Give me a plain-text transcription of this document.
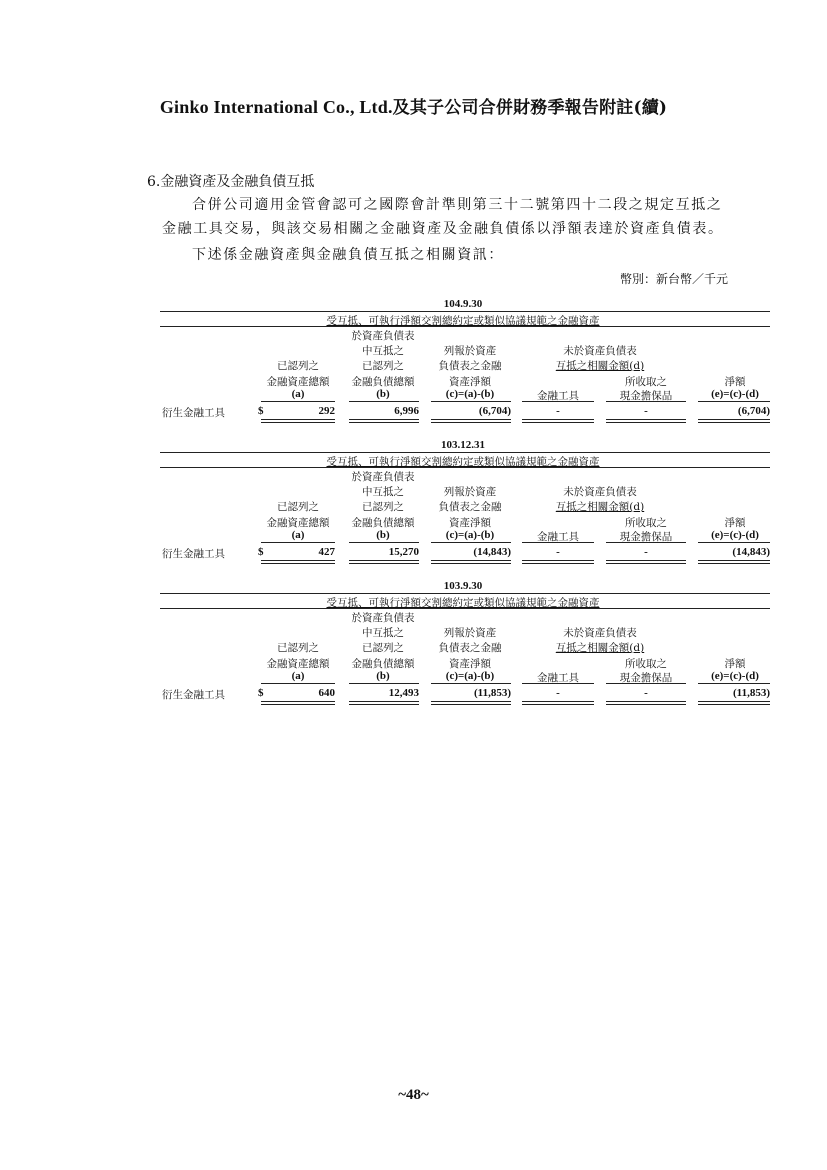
Ginko International Co., Ltd.及其子公司合併財務季報告附註(續)
6.金融資產及金融負債互抵
合併公司適用金管會認可之國際會計準則第三十二號第四十二段之規定互抵之
金融工具交易，與該交易相關之金融資產及金融負債係以淨額表達於資產負債表。
下述係金融資產與金融負債互抵之相關資訊：
幣別：新台幣／千元
104.9.30
受互抵、可執行淨額交割總約定或類似協議規範之金融資產
於資產負債表
中互抵之	列報於資產	未於資產負債表
已認列之	已認列之	負債表之金融	互抵之相關金額(d)
金融資產總額 金融負債總額	資產淨額	所收取之	淨額
(a)	(b)	(c)=(a)-(b)	金融工具	現金擔保品	(e)=(c)-(d)
衍生金融工具	$	292	6,996	(6,704)	-	-	(6,704)
103.12.31
受互抵、可執行淨額交割總約定或類似協議規範之金融資產
於資產負債表
中互抵之	列報於資產	未於資產負債表
已認列之	已認列之	負債表之金融	互抵之相關金額(d)
金融資產總額 金融負債總額	資產淨額	所收取之	淨額
(a)	(b)	(c)=(a)-(b)	金融工具	現金擔保品	(e)=(c)-(d)
衍生金融工具	$	427	15,270	(14,843)	-	-	(14,843)
103.9.30
受互抵、可執行淨額交割總約定或類似協議規範之金融資產
於資產負債表
中互抵之	列報於資產	未於資產負債表
已認列之	已認列之	負債表之金融	互抵之相關金額(d)
金融資產總額 金融負債總額	資產淨額	所收取之	淨額
(a)	(b)	(c)=(a)-(b)	金融工具	現金擔保品	(e)=(c)-(d)
衍生金融工具	$	640	12,493	(11,853)	-	-	(11,853)
~48~
